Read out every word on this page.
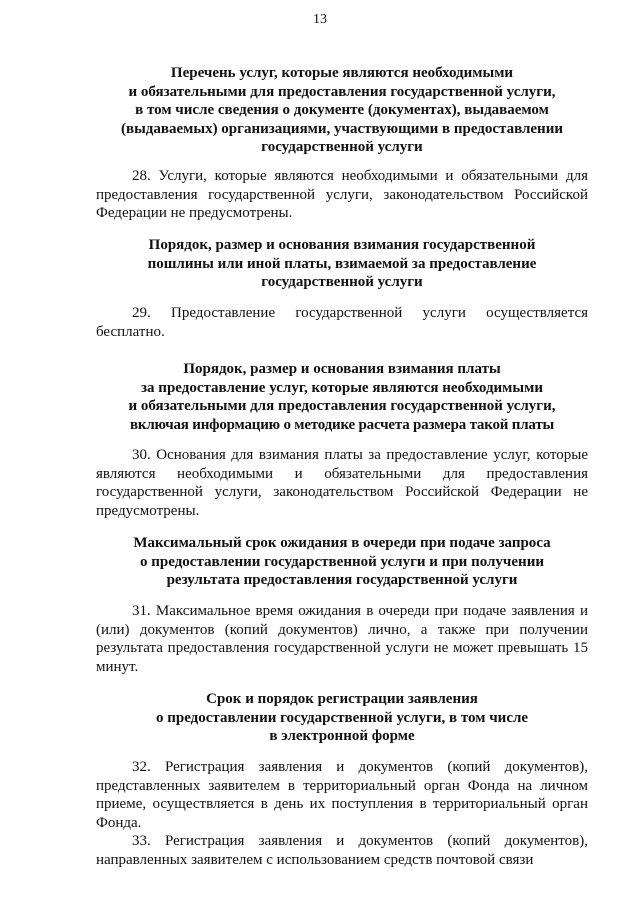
13
Перечень услуг, которые являются необходимыми
и обязательными для предоставления государственной услуги,
в том числе сведения о документе (документах), выдаваемом
(выдаваемых) организациями, участвующими в предоставлении
государственной услуги
28. Услуги, которые являются необходимыми и обязательными для предоставления государственной услуги, законодательством Российской Федерации не предусмотрены.
Порядок, размер и основания взимания государственной
пошлины или иной платы, взимаемой за предоставление
государственной услуги
29. Предоставление государственной услуги осуществляется бесплатно.
Порядок, размер и основания взимания платы
за предоставление услуг, которые являются необходимыми
и обязательными для предоставления государственной услуги,
включая информацию о методике расчета размера такой платы
30. Основания для взимания платы за предоставление услуг, которые являются необходимыми и обязательными для предоставления государственной услуги, законодательством Российской Федерации не предусмотрены.
Максимальный срок ожидания в очереди при подаче запроса
о предоставлении государственной услуги и при получении
результата предоставления государственной услуги
31. Максимальное время ожидания в очереди при подаче заявления и (или) документов (копий документов) лично, а также при получении результата предоставления государственной услуги не может превышать 15 минут.
Срок и порядок регистрации заявления
о предоставлении государственной услуги, в том числе
в электронной форме
32. Регистрация заявления и документов (копий документов), представленных заявителем в территориальный орган Фонда на личном приеме, осуществляется в день их поступления в территориальный орган Фонда.
33. Регистрация заявления и документов (копий документов), направленных заявителем с использованием средств почтовой связи
